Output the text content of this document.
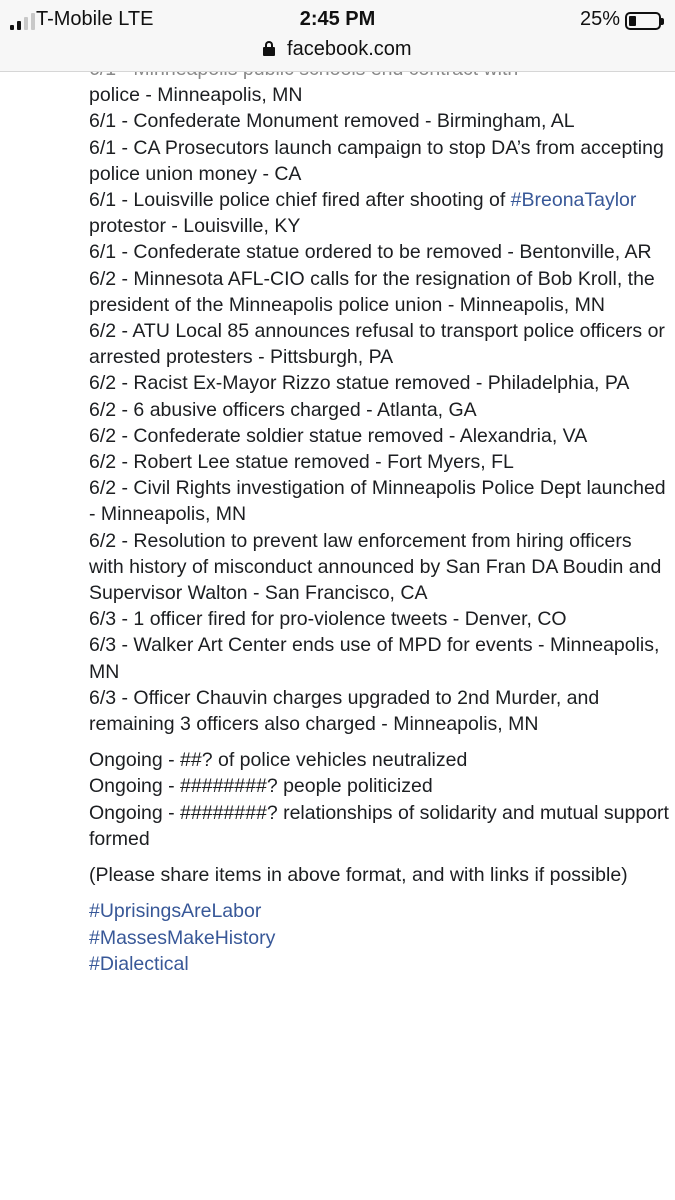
police - Minneapolis, MN
6/1 - Confederate Monument removed - Birmingham, AL
6/1 - CA Prosecutors launch campaign to stop DA’s from accepting police union money - CA
6/1 - Louisville police chief fired after shooting of #BreonaTaylor protestor - Louisville, KY
6/1 - Confederate statue ordered to be removed - Bentonville, AR
6/2 - Minnesota AFL-CIO calls for the resignation of Bob Kroll, the president of the Minneapolis police union - Minneapolis, MN
6/2 - ATU Local 85 announces refusal to transport police officers or arrested protesters - Pittsburgh, PA
6/2 - Racist Ex-Mayor Rizzo statue removed - Philadelphia, PA
6/2 - 6 abusive officers charged - Atlanta, GA
6/2 - Confederate soldier statue removed - Alexandria, VA
6/2 - Robert Lee statue removed - Fort Myers, FL
6/2 - Civil Rights investigation of Minneapolis Police Dept launched - Minneapolis, MN
6/2 - Resolution to prevent law enforcement from hiring officers with history of misconduct announced by San Fran DA Boudin and Supervisor Walton - San Francisco, CA
6/3 - 1 officer fired for pro-violence tweets - Denver, CO
6/3 - Walker Art Center ends use of MPD for events - Minneapolis, MN
6/3 - Officer Chauvin charges upgraded to 2nd Murder, and remaining 3 officers also charged - Minneapolis, MN
Ongoing - ##? of police vehicles neutralized
Ongoing - ########? people politicized
Ongoing - ########? relationships of solidarity and mutual support formed
(Please share items in above format, and with links if possible)
#UprisingsAreLabor
#MassesMakeHistory
#Dialectical
T-Mobile LTE	2:45 PM	25%
facebook.com
